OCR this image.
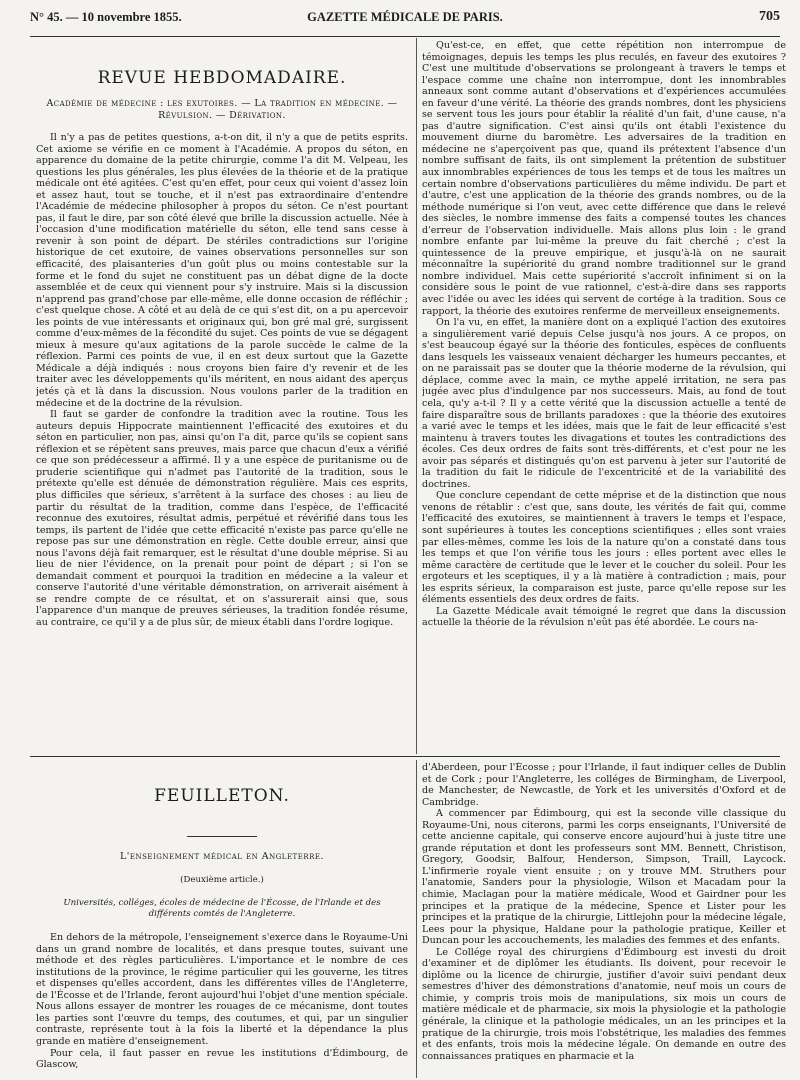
N° 45. — 10 novembre 1855.	GAZETTE MÉDICALE DE PARIS.	705
REVUE HEBDOMADAIRE.
Académie de médecine : les exutoires. — La tradition en médecine. — Révulsion. — Dérivation.

Il n'y a pas de petites questions, a-t-on dit, il n'y a que de petits esprits. Cet axiome se vérifie en ce moment à l'Académie. A propos du séton, en apparence du domaine de la petite chirurgie, comme l'a dit M. Velpeau, les questions les plus générales, les plus élevées de la théorie et de la pratique médicale ont été agitées. C'est qu'en effet, pour ceux qui voient d'assez loin et assez haut, tout se touche, et il n'est pas extraordinaire d'entendre l'Académie de médecine philosopher à propos du séton. Ce n'est pourtant pas, il faut le dire, par son côté élevé que brille la discussion actuelle. Née à l'occasion d'une modification matérielle du séton, elle tend sans cesse à revenir à son point de départ. De stériles contradictions sur l'origine historique de cet exutoire, de vaines observations personnelles sur son efficacité, des plaisanteries d'un goût plus ou moins contestable sur la forme et le fond du sujet ne constituent pas un débat digne de la docte assemblée et de ceux qui viennent pour s'y instruire. Mais si la discussion n'apprend pas grand'chose par elle-même, elle donne occasion de réfléchir ; c'est quelque chose. A côté et au delà de ce qui s'est dit, on a pu apercevoir les points de vue intéressants et originaux qui, bon gré mal gré, surgissent comme d'eux-mêmes de la fécondité du sujet. Ces points de vue se dégagent mieux à mesure qu'aux agitations de la parole succède le calme de la réflexion. Parmi ces points de vue, il en est deux surtout que la Gazette Médicale a déjà indiqués : nous croyons bien faire d'y revenir et de les traiter avec les développements qu'ils méritent, en nous aidant des aperçus jetés çà et là dans la discussion. Nous voulons parler de la tradition en médecine et de la doctrine de la révulsion.

Il faut se garder de confondre la tradition avec la routine. Tous les auteurs depuis Hippocrate maintiennent l'efficacité des exutoires et du séton en particulier, non pas, ainsi qu'on l'a dit, parce qu'ils se copient sans réflexion et se répètent sans preuves, mais parce que chacun d'eux a vérifié ce que son prédécesseur a affirmé. Il y a une espèce de puritanisme ou de pruderie scientifique qui n'admet pas l'autorité de la tradition, sous le prétexte qu'elle est dénuée de démonstration régulière. Mais ces esprits, plus difficiles que sérieux, s'arrêtent à la surface des choses : au lieu de partir du résultat de la tradition, comme dans l'espèce, de l'efficacité reconnue des exutoires, résultat admis, perpétué et révérifié dans tous les temps, ils partent de l'idée que cette efficacité n'existe pas parce qu'elle ne repose pas sur une démonstration en règle. Cette double erreur, ainsi que nous l'avons déjà fait remarquer, est le résultat d'une double méprise. Si au lieu de nier l'évidence, on la prenait pour point de départ ; si l'on se demandait comment et pourquoi la tradition en médecine a la valeur et conserve l'autorité d'une véritable démonstration, on arriverait aisément à se rendre compte de ce résultat, et on s'assurerait ainsi que, sous l'apparence d'un manque de preuves sérieuses, la tradition fondée résume, au contraire, ce qu'il y a de plus sûr, de mieux établi dans l'ordre logique.

Qu'est-ce, en effet, que cette répétition non interrompue de témoignages, depuis les temps les plus reculés, en faveur des exutoires ? C'est une multitude d'observations se prolongeant à travers le temps et l'espace comme une chaîne non interrompue, dont les innombrables anneaux sont comme autant d'observations et d'expériences accumulées en faveur d'une vérité. La théorie des grands nombres, dont les physiciens se servent tous les jours pour établir la réalité d'un fait, d'une cause, n'a pas d'autre signification. C'est ainsi qu'ils ont établi l'existence du mouvement diurne du baromètre. Les adversaires de la tradition en médecine ne s'aperçoivent pas que, quand ils prétextent l'absence d'un nombre suffisant de faits, ils ont simplement la prétention de substituer aux innombrables expériences de tous les temps et de tous les maîtres un certain nombre d'observations particulières du même individu. De part et d'autre, c'est une application de la théorie des grands nombres, ou de la méthode numérique si l'on veut, avec cette différence que dans le relevé des siècles, le nombre immense des faits a compensé toutes les chances d'erreur de l'observation individuelle. Mais allons plus loin : le grand nombre enfante par lui-même la preuve du fait cherché ; c'est la quintessence de la preuve empirique, et jusqu'à-là on ne saurait méconnaître la supériorité du grand nombre traditionnel sur le grand nombre individuel. Mais cette supériorité s'accroît infiniment si on la considère sous le point de vue rationnel, c'est-à-dire dans ses rapports avec l'idée ou avec les idées qui servent de cortége à la tradition. Sous ce rapport, la théorie des exutoires renferme de merveilleux enseignements.

On l'a vu, en effet, la manière dont on a expliqué l'action des exutoires a singulièrement varié depuis Celse jusqu'à nos jours. A ce propos, on s'est beaucoup égayé sur la théorie des fonticules, espèces de confluents dans lesquels les vaisseaux venaient décharger les humeurs peccantes, et on ne paraissait pas se douter que la théorie moderne de la révulsion, qui déplace, comme avec la main, ce mythe appelé irritation, ne sera pas jugée avec plus d'indulgence par nos successeurs. Mais, au fond de tout cela, qu'y a-t-il ? Il y a cette vérité que la discussion actuelle a tenté de faire disparaître sous de brillants paradoxes : que la théorie des exutoires a varié avec le temps et les idées, mais que le fait de leur efficacité s'est maintenu à travers toutes les divagations et toutes les contradictions des écoles. Ces deux ordres de faits sont très-différents, et c'est pour ne les avoir pas séparés et distingués qu'on est parvenu à jeter sur l'autorité de la tradition du fait le ridicule de l'excentricité et de la variabilité des doctrines.

Que conclure cependant de cette méprise et de la distinction que nous venons de rétablir : c'est que, sans doute, les vérités de fait qui, comme l'efficacité des exutoires, se maintiennent à travers le temps et l'espace, sont supérieures à toutes les conceptions scientifiques ; elles sont vraies par elles-mêmes, comme les lois de la nature qu'on a constaté dans tous les temps et que l'on vérifie tous les jours : elles portent avec elles le même caractère de certitude que le lever et le coucher du soleil. Pour les ergoteurs et les sceptiques, il y a là matière à contradiction ; mais, pour les esprits sérieux, la comparaison est juste, parce qu'elle repose sur les éléments essentiels des deux ordres de faits.

La Gazette Médicale avait témoigné le regret que dans la discussion actuelle la théorie de la révulsion n'eût pas été abordée. Le cours na-

FEUILLETON.
L'enseignement médical en Angleterre.
(Deuxième article.)
Universités, colléges, écoles de médecine de l'Écosse, de l'Irlande et des différents comtés de l'Angleterre.

En dehors de la métropole, l'enseignement s'exerce dans le Royaume-Uni dans un grand nombre de localités, et dans presque toutes, suivant une méthode et des règles particulières. L'importance et le nombre de ces institutions de la province, le régime particulier qui les gouverne, les titres et dispenses qu'elles accordent, dans les différentes villes de l'Angleterre, de l'Écosse et de l'Irlande, feront aujourd'hui l'objet d'une mention spéciale. Nous allons essayer de montrer les rouages de ce mécanisme, dont toutes les parties sont l'œuvre du temps, des coutumes, et qui, par un singulier contraste, représente tout à la fois la liberté et la dépendance la plus grande en matière d'enseignement.

Pour cela, il faut passer en revue les institutions d'Édimbourg, de Glascow,

d'Aberdeen, pour l'Écosse ; pour l'Irlande, il faut indiquer celles de Dublin et de Cork ; pour l'Angleterre, les colléges de Birmingham, de Liverpool, de Manchester, de Newcastle, de York et les universités d'Oxford et de Cambridge.

A commencer par Édimbourg, qui est la seconde ville classique du Royaume-Uni, nous citerons, parmi les corps enseignants, l'Université de cette ancienne capitale, qui conserve encore aujourd'hui à juste titre une grande réputation et dont les professeurs sont MM. Bennett, Christison, Gregory, Goodsir, Balfour, Henderson, Simpson, Traill, Laycock. L'infirmerie royale vient ensuite ; on y trouve MM. Struthers pour l'anatomie, Sanders pour la physiologie, Wilson et Macadam pour la chimie, Maclagan pour la matière médicale, Wood et Gairdner pour les principes et la pratique de la médecine, Spence et Lister pour les principes et la pratique de la chirurgie, Littlejohn pour la médecine légale, Lees pour la physique, Haldane pour la pathologie pratique, Keiller et Duncan pour les accouchements, les maladies des femmes et des enfants.

Le Collége royal des chirurgiens d'Édimbourg est investi du droit d'examiner et de diplômer les étudiants. Ils doivent, pour recevoir le diplôme ou la licence de chirurgie, justifier d'avoir suivi pendant deux semestres d'hiver des démonstrations d'anatomie, neuf mois un cours de chimie, y compris trois mois de manipulations, six mois un cours de matière médicale et de pharmacie, six mois la physiologie et la pathologie générale, la clinique et la pathologie médicales, un an les principes et la pratique de la chirurgie, trois mois l'obstétrique, les maladies des femmes et des enfants, trois mois la médecine légale. On demande en outre des connaissances pratiques en pharmacie et la
